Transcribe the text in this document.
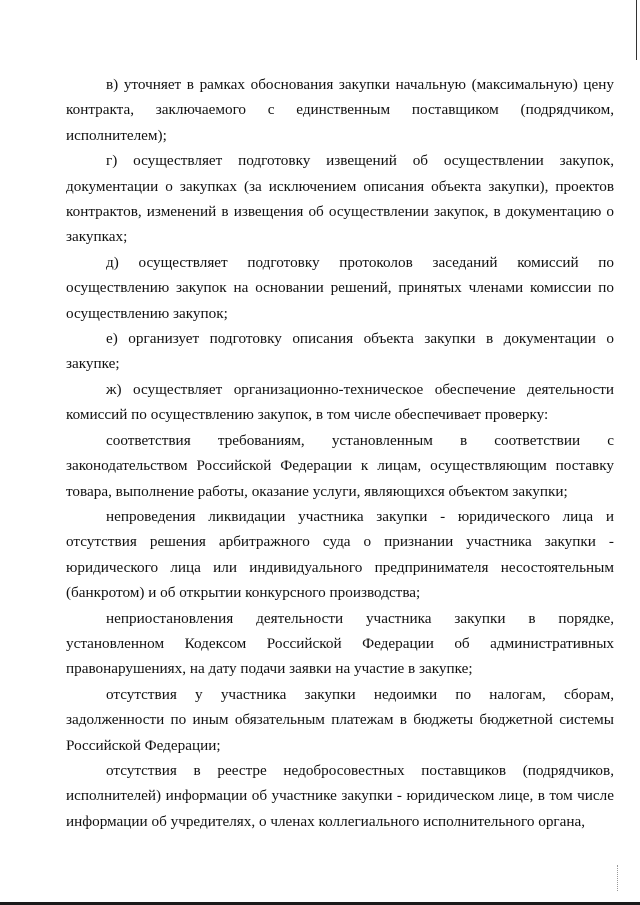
в) уточняет в рамках обоснования закупки начальную (максимальную) цену контракта, заключаемого с единственным поставщиком (подрядчиком, исполнителем);

г) осуществляет подготовку извещений об осуществлении закупок, документации о закупках (за исключением описания объекта закупки), проектов контрактов, изменений в извещения об осуществлении закупок, в документацию о закупках;

д) осуществляет подготовку протоколов заседаний комиссий по осуществлению закупок на основании решений, принятых членами комиссии по осуществлению закупок;

е) организует подготовку описания объекта закупки в документации о закупке;

ж) осуществляет организационно-техническое обеспечение деятельности комиссий по осуществлению закупок, в том числе обеспечивает проверку:

соответствия требованиям, установленным в соответствии с законодательством Российской Федерации к лицам, осуществляющим поставку товара, выполнение работы, оказание услуги, являющихся объектом закупки;

непроведения ликвидации участника закупки - юридического лица и отсутствия решения арбитражного суда о признании участника закупки - юридического лица или индивидуального предпринимателя несостоятельным (банкротом) и об открытии конкурсного производства;

неприостановления деятельности участника закупки в порядке, установленном Кодексом Российской Федерации об административных правонарушениях, на дату подачи заявки на участие в закупке;

отсутствия у участника закупки недоимки по налогам, сборам, задолженности по иным обязательным платежам в бюджеты бюджетной системы Российской Федерации;

отсутствия в реестре недобросовестных поставщиков (подрядчиков, исполнителей) информации об участнике закупки - юридическом лице, в том числе информации об учредителях, о членах коллегиального исполнительного органа,
